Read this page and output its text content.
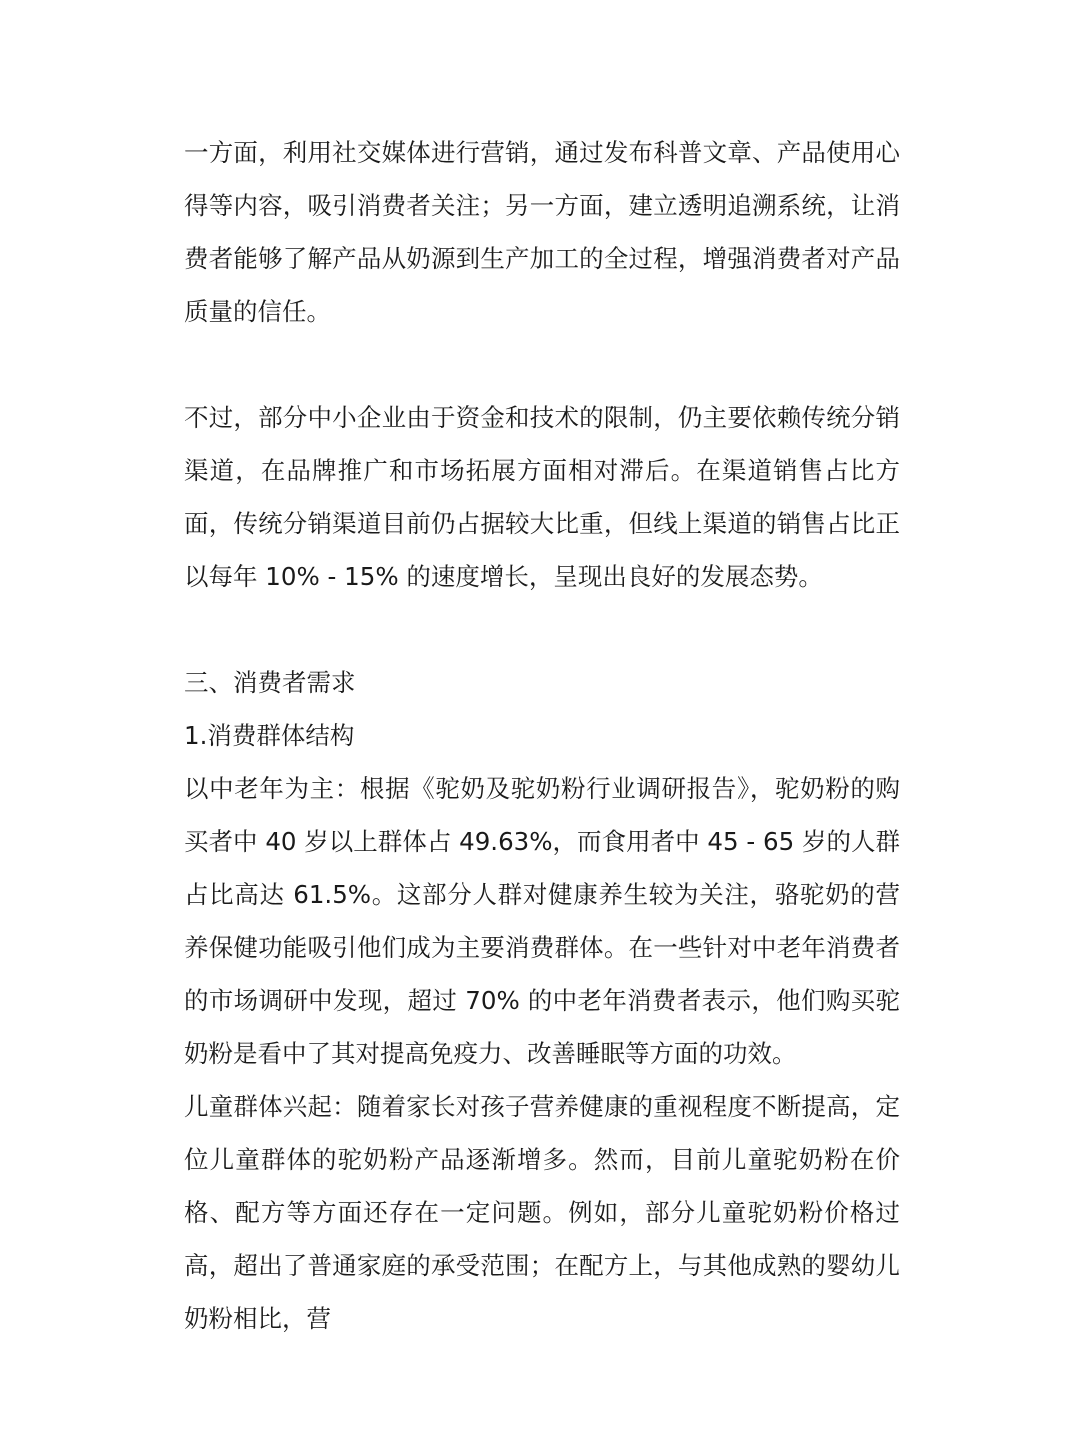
一方面，利用社交媒体进行营销，通过发布科普文章、产品使用心得等内容，吸引消费者关注；另一方面，建立透明追溯系统，让消费者能够了解产品从奶源到生产加工的全过程，增强消费者对产品质量的信任。

不过，部分中小企业由于资金和技术的限制，仍主要依赖传统分销渠道，在品牌推广和市场拓展方面相对滞后。在渠道销售占比方面，传统分销渠道目前仍占据较大比重，但线上渠道的销售占比正以每年 10% - 15% 的速度增长，呈现出良好的发展态势。

三、消费者需求

1.消费群体结构

以中老年为主：根据《驼奶及驼奶粉行业调研报告》，驼奶粉的购买者中 40 岁以上群体占 49.63%，而食用者中 45 - 65 岁的人群占比高达 61.5%。这部分人群对健康养生较为关注，骆驼奶的营养保健功能吸引他们成为主要消费群体。在一些针对中老年消费者的市场调研中发现，超过 70% 的中老年消费者表示，他们购买驼奶粉是看中了其对提高免疫力、改善睡眠等方面的功效。

儿童群体兴起：随着家长对孩子营养健康的重视程度不断提高，定位儿童群体的驼奶粉产品逐渐增多。然而，目前儿童驼奶粉在价格、配方等方面还存在一定问题。例如，部分儿童驼奶粉价格过高，超出了普通家庭的承受范围；在配方上，与其他成熟的婴幼儿奶粉相比，营
